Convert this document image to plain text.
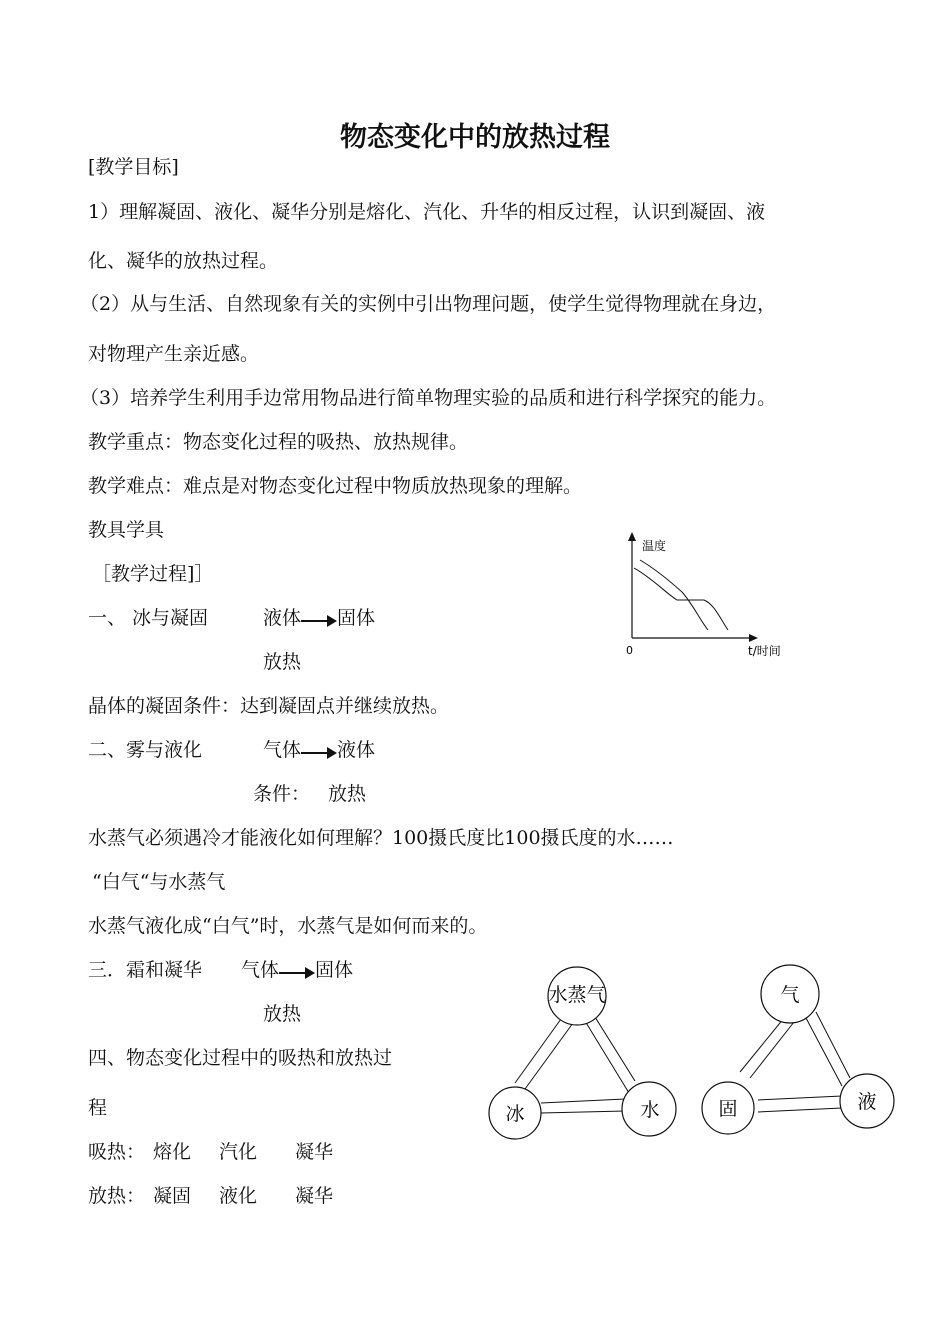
物态变化中的放热过程
[教学目标]
1）理解凝固、液化、凝华分别是熔化、汽化、升华的相反过程，认识到凝固、液
化、凝华的放热过程。
（2）从与生活、自然现象有关的实例中引出物理问题，使学生觉得物理就在身边，
对物理产生亲近感。
（3）培养学生利用手边常用物品进行简单物理实验的品质和进行科学探究的能力。
教学重点：物态变化过程的吸热、放热规律。
教学难点：难点是对物态变化过程中物质放热现象的理解。
教具学具
［教学过程]］
一、 冰与凝固	液体 固体
放热
晶体的凝固条件：达到凝固点并继续放热。
二、雾与液化	气体 液体
条件： 放热
水蒸气必须遇冷才能液化如何理解？100摄氏度比100摄氏度的水……
“白气“与水蒸气
水蒸气液化成“白气”时，水蒸气是如何而来的。
三．霜和凝华 气体 固体
放热
四、物态变化过程中的吸热和放热过
程
吸热： 熔化 汽化 凝华
放热： 凝固 液化 凝华
温度
0	t/时间
水蒸气
冰	水
气
固	液
